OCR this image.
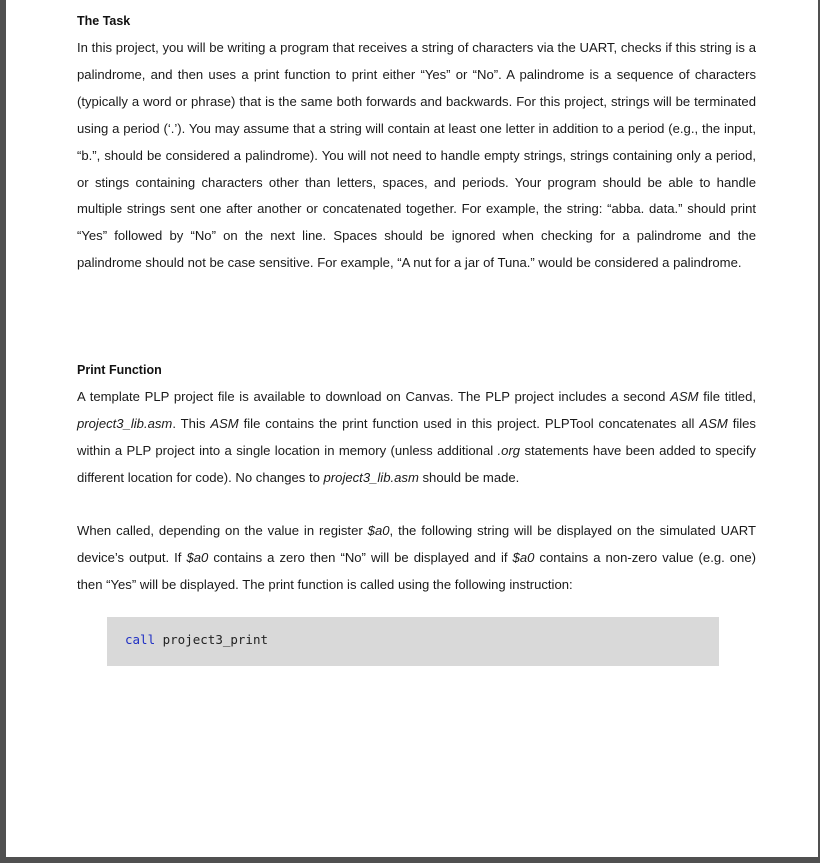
The Task

In this project, you will be writing a program that receives a string of characters via the UART, checks if this string is a palindrome, and then uses a print function to print either “Yes” or “No”. A palindrome is a sequence of characters (typically a word or phrase) that is the same both forwards and backwards. For this project, strings will be terminated using a period (‘.’). You may assume that a string will contain at least one letter in addition to a period (e.g., the input, “b.”, should be considered a palindrome). You will not need to handle empty strings, strings containing only a period, or stings containing characters other than letters, spaces, and periods. Your program should be able to handle multiple strings sent one after another or concatenated together. For example, the string: “abba. data.” should print “Yes” followed by “No” on the next line. Spaces should be ignored when checking for a palindrome and the palindrome should not be case sensitive. For example, “A nut for a jar of Tuna.” would be considered a palindrome.

Print Function

A template PLP project file is available to download on Canvas. The PLP project includes a second ASM file titled, project3_lib.asm. This ASM file contains the print function used in this project. PLPTool concatenates all ASM files within a PLP project into a single location in memory (unless additional .org statements have been added to specify different location for code). No changes to project3_lib.asm should be made.

When called, depending on the value in register $a0, the following string will be displayed on the simulated UART device’s output. If $a0 contains a zero then “No” will be displayed and if $a0 contains a non-zero value (e.g. one) then “Yes” will be displayed. The print function is called using the following instruction:

call project3_print
